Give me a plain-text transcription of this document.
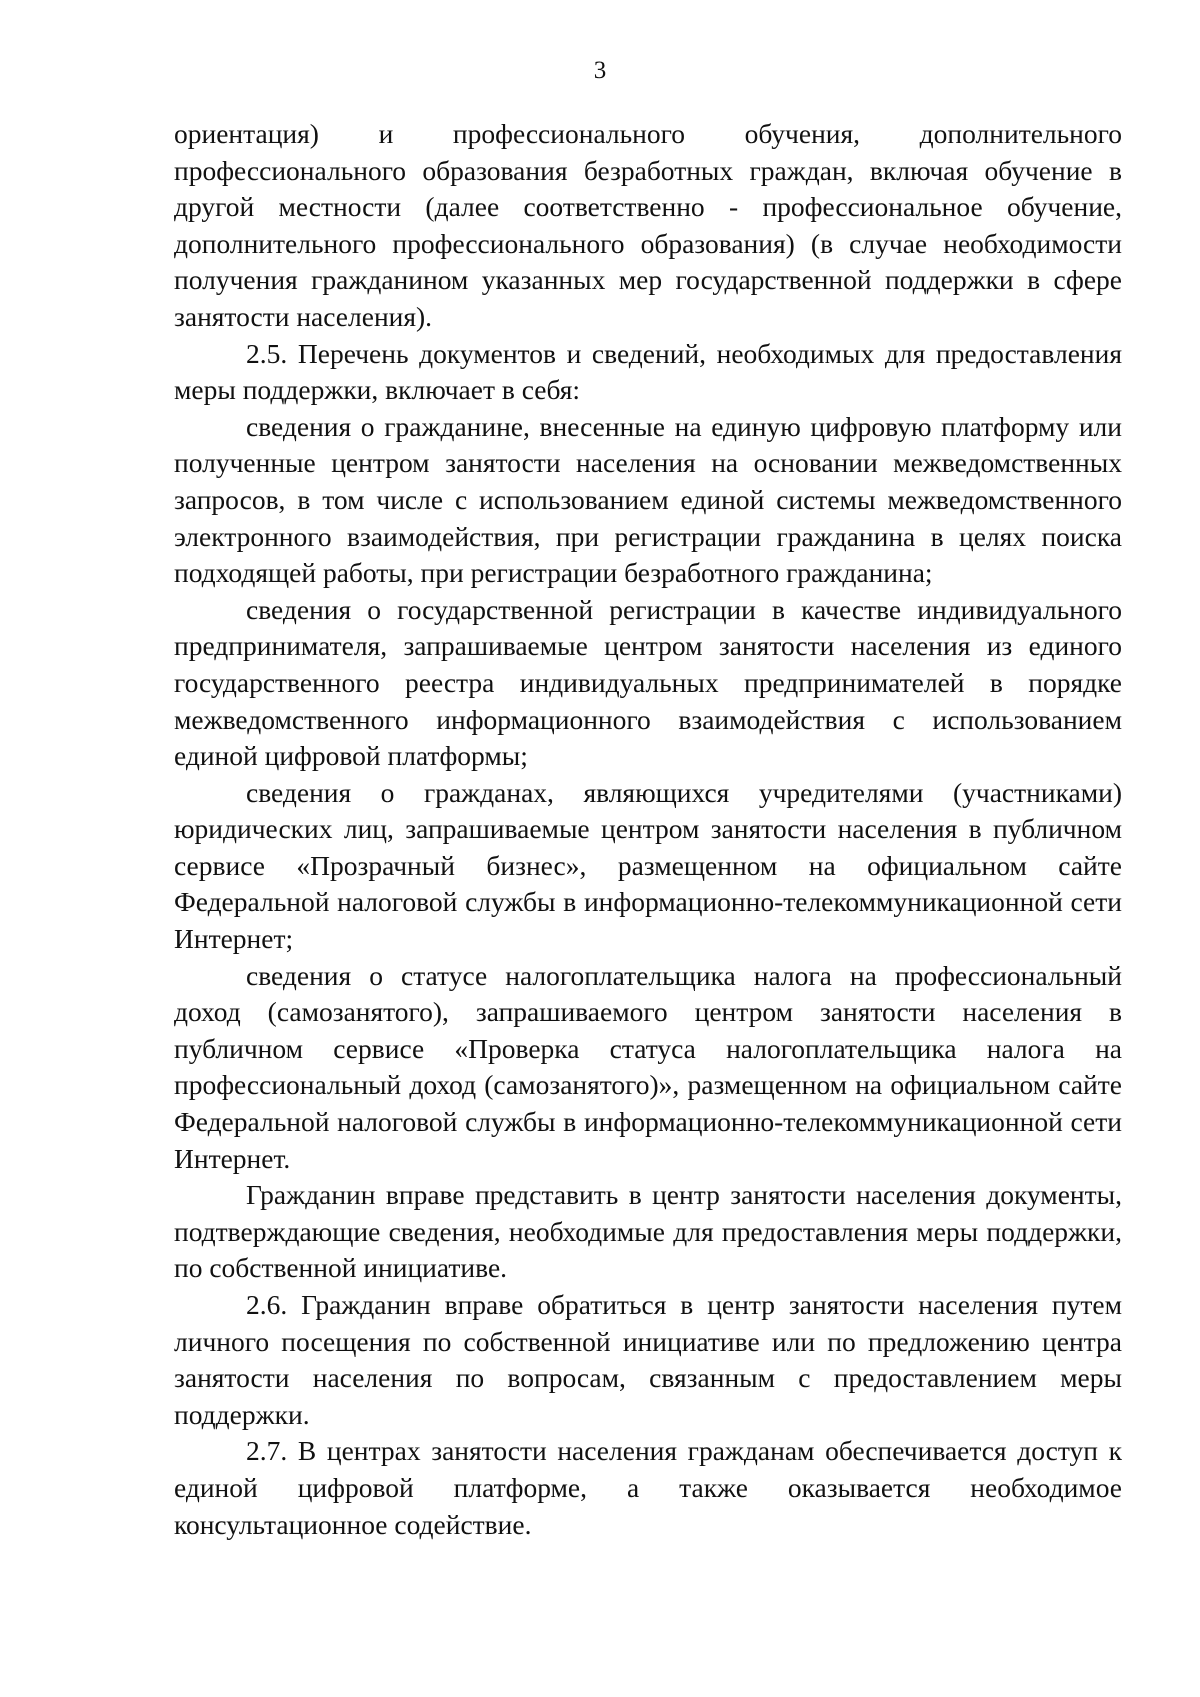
3

ориентация) и профессионального обучения, дополнительного профессионального образования безработных граждан, включая обучение в другой местности (далее соответственно - профессиональное обучение, дополнительного профессионального образования) (в случае необходимости получения гражданином указанных мер государственной поддержки в сфере занятости населения).

2.5. Перечень документов и сведений, необходимых для предоставления меры поддержки, включает в себя:

сведения о гражданине, внесенные на единую цифровую платформу или полученные центром занятости населения на основании межведомственных запросов, в том числе с использованием единой системы межведомственного электронного взаимодействия, при регистрации гражданина в целях поиска подходящей работы, при регистрации безработного гражданина;

сведения о государственной регистрации в качестве индивидуального предпринимателя, запрашиваемые центром занятости населения из единого государственного реестра индивидуальных предпринимателей в порядке межведомственного информационного взаимодействия с использованием единой цифровой платформы;

сведения о гражданах, являющихся учредителями (участниками) юридических лиц, запрашиваемые центром занятости населения в публичном сервисе «Прозрачный бизнес», размещенном на официальном сайте Федеральной налоговой службы в информационно-телекоммуникационной сети Интернет;

сведения о статусе налогоплательщика налога на профессиональный доход (самозанятого), запрашиваемого центром занятости населения в публичном сервисе «Проверка статуса налогоплательщика налога на профессиональный доход (самозанятого)», размещенном на официальном сайте Федеральной налоговой службы в информационно-телекоммуникационной сети Интернет.

Гражданин вправе представить в центр занятости населения документы, подтверждающие сведения, необходимые для предоставления меры поддержки, по собственной инициативе.

2.6. Гражданин вправе обратиться в центр занятости населения путем личного посещения по собственной инициативе или по предложению центра занятости населения по вопросам, связанным с предоставлением меры поддержки.

2.7. В центрах занятости населения гражданам обеспечивается доступ к единой цифровой платформе, а также оказывается необходимое консультационное содействие.
